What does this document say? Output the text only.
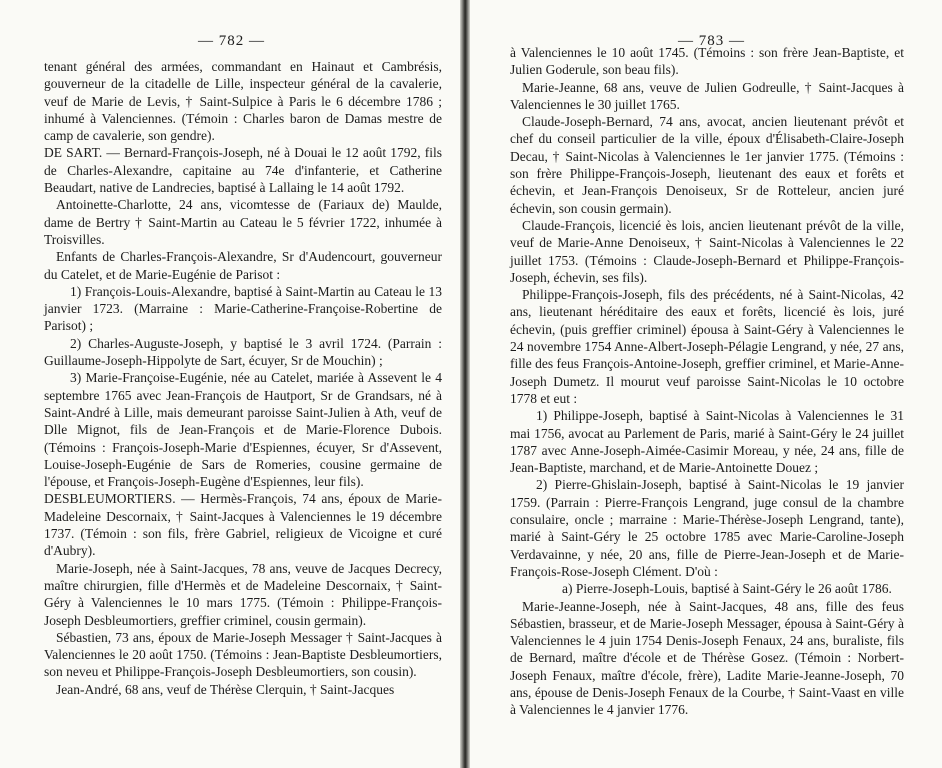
— 782 —	— 783 —

tenant général des armées, commandant en Hainaut et Cambrésis, gouverneur de la citadelle de Lille, inspecteur général de la cavalerie, veuf de Marie de Levis, † Saint-Sulpice à Paris le 6 décembre 1786 ; inhumé à Valenciennes. (Témoin : Charles baron de Damas mestre de camp de cavalerie, son gendre).

DE SART. — Bernard-François-Joseph, né à Douai le 12 août 1792, fils de Charles-Alexandre, capitaine au 74e d'infanterie, et Catherine Beaudart, native de Landrecies, baptisé à Lallaing le 14 août 1792.

Antoinette-Charlotte, 24 ans, vicomtesse de (Fariaux de) Maulde, dame de Bertry † Saint-Martin au Cateau le 5 février 1722, inhumée à Troisvilles.

Enfants de Charles-François-Alexandre, Sr d'Audencourt, gouverneur du Catelet, et de Marie-Eugénie de Parisot :

1) François-Louis-Alexandre, baptisé à Saint-Martin au Cateau le 13 janvier 1723. (Marraine : Marie-Catherine-Françoise-Robertine de Parisot) ;

2) Charles-Auguste-Joseph, y baptisé le 3 avril 1724. (Parrain : Guillaume-Joseph-Hippolyte de Sart, écuyer, Sr de Mouchin) ;

3) Marie-Françoise-Eugénie, née au Catelet, mariée à Assevent le 4 septembre 1765 avec Jean-François de Hautport, Sr de Grandsars, né à Saint-André à Lille, mais demeurant paroisse Saint-Julien à Ath, veuf de Dlle Mignot, fils de Jean-François et de Marie-Florence Dubois. (Témoins : François-Joseph-Marie d'Espiennes, écuyer, Sr d'Assevent, Louise-Joseph-Eugénie de Sars de Romeries, cousine germaine de l'épouse, et François-Joseph-Eugène d'Espiennes, leur fils).

DESBLEUMORTIERS. — Hermès-François, 74 ans, époux de Marie-Madeleine Descornaix, † Saint-Jacques à Valenciennes le 19 décembre 1737. (Témoin : son fils, frère Gabriel, religieux de Vicoigne et curé d'Aubry).

Marie-Joseph, née à Saint-Jacques, 78 ans, veuve de Jacques Decrecy, maître chirurgien, fille d'Hermès et de Madeleine Descornaix, † Saint-Géry à Valenciennes le 10 mars 1775. (Témoin : Philippe-François-Joseph Desbleumortiers, greffier criminel, cousin germain).

Sébastien, 73 ans, époux de Marie-Joseph Messager † Saint-Jacques à Valenciennes le 20 août 1750. (Témoins : Jean-Baptiste Desbleumortiers, son neveu et Philippe-François-Joseph Desbleumortiers, son cousin).

Jean-André, 68 ans, veuf de Thérèse Clerquin, † Saint-Jacques

à Valenciennes le 10 août 1745. (Témoins : son frère Jean-Baptiste, et Julien Goderule, son beau fils).

Marie-Jeanne, 68 ans, veuve de Julien Godreulle, † Saint-Jacques à Valenciennes le 30 juillet 1765.

Claude-Joseph-Bernard, 74 ans, avocat, ancien lieutenant prévôt et chef du conseil particulier de la ville, époux d'Élisabeth-Claire-Joseph Decau, † Saint-Nicolas à Valenciennes le 1er janvier 1775. (Témoins : son frère Philippe-François-Joseph, lieutenant des eaux et forêts et échevin, et Jean-François Denoiseux, Sr de Rotteleur, ancien juré échevin, son cousin germain).

Claude-François, licencié ès lois, ancien lieutenant prévôt de la ville, veuf de Marie-Anne Denoiseux, † Saint-Nicolas à Valenciennes le 22 juillet 1753. (Témoins : Claude-Joseph-Bernard et Philippe-François-Joseph, échevin, ses fils).

Philippe-François-Joseph, fils des précédents, né à Saint-Nicolas, 42 ans, lieutenant héréditaire des eaux et forêts, licencié ès lois, juré échevin, (puis greffier criminel) épousa à Saint-Géry à Valenciennes le 24 novembre 1754 Anne-Albert-Joseph-Pélagie Lengrand, y née, 27 ans, fille des feus François-Antoine-Joseph, greffier criminel, et Marie-Anne-Joseph Dumetz. Il mourut veuf paroisse Saint-Nicolas le 10 octobre 1778 et eut :

1) Philippe-Joseph, baptisé à Saint-Nicolas à Valenciennes le 31 mai 1756, avocat au Parlement de Paris, marié à Saint-Géry le 24 juillet 1787 avec Anne-Joseph-Aimée-Casimir Moreau, y née, 24 ans, fille de Jean-Baptiste, marchand, et de Marie-Antoinette Douez ;

2) Pierre-Ghislain-Joseph, baptisé à Saint-Nicolas le 19 janvier 1759. (Parrain : Pierre-François Lengrand, juge consul de la chambre consulaire, oncle ; marraine : Marie-Thérèse-Joseph Lengrand, tante), marié à Saint-Géry le 25 octobre 1785 avec Marie-Caroline-Joseph Verdavainne, y née, 20 ans, fille de Pierre-Jean-Joseph et de Marie-François-Rose-Joseph Clément. D'où :

a) Pierre-Joseph-Louis, baptisé à Saint-Géry le 26 août 1786.

Marie-Jeanne-Joseph, née à Saint-Jacques, 48 ans, fille des feus Sébastien, brasseur, et de Marie-Joseph Messager, épousa à Saint-Géry à Valenciennes le 4 juin 1754 Denis-Joseph Fenaux, 24 ans, buraliste, fils de Bernard, maître d'école et de Thérèse Gosez. (Témoin : Norbert-Joseph Fenaux, maître d'école, frère), Ladite Marie-Jeanne-Joseph, 70 ans, épouse de Denis-Joseph Fenaux de la Courbe, † Saint-Vaast en ville à Valenciennes le 4 janvier 1776.
